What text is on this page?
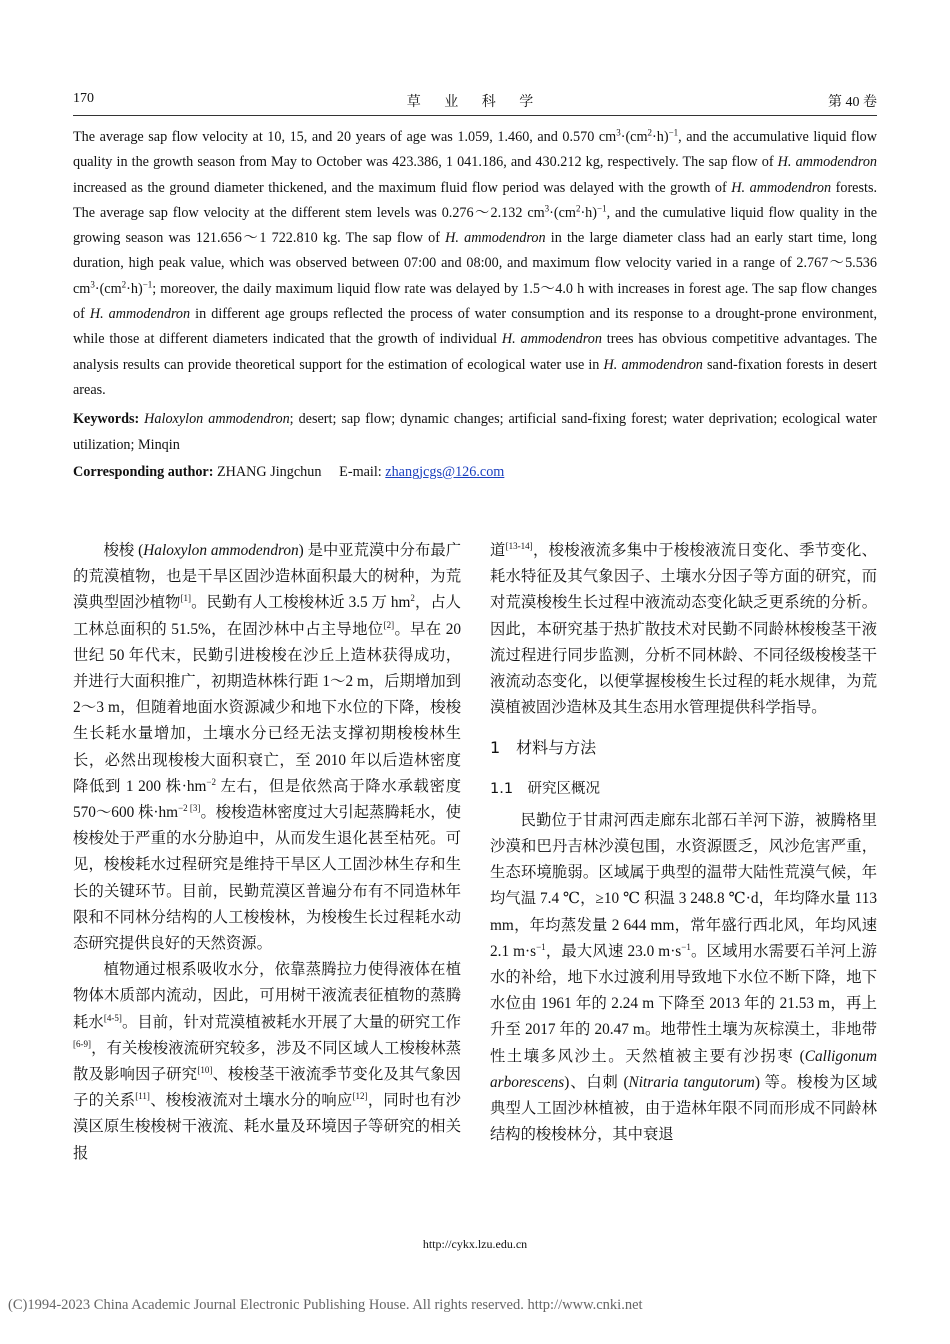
170	草 业 科 学	第 40 卷

The average sap flow velocity at 10, 15, and 20 years of age was 1.059, 1.460, and 0.570 $cm^3\cdot(cm^2\cdot h)^{-1}$, and the accumulative liquid flow quality in the growth season from May to October was 423.386, 1 041.186, and 430.212 kg, respectively. The sap flow of H. ammodendron increased as the ground diameter thickened, and the maximum fluid flow period was delayed with the growth of H. ammodendron forests. The average sap flow velocity at the different stem levels was 0.276～2.132 $cm^3\cdot(cm^2\cdot h)^{-1}$, and the cumulative liquid flow quality in the growing season was 121.656～1 722.810 kg. The sap flow of H. ammodendron in the large diameter class had an early start time, long duration, high peak value, which was observed between 07:00 and 08:00, and maximum flow velocity varied in a range of 2.767～5.536 $cm^3\cdot(cm^2\cdot h)^{-1}$; moreover, the daily maximum liquid flow rate was delayed by 1.5～4.0 h with increases in forest age. The sap flow changes of H. ammodendron in different age groups reflected the process of water consumption and its response to a drought-prone environment, while those at different diameters indicated that the growth of individual H. ammodendron trees has obvious competitive advantages. The analysis results can provide theoretical support for the estimation of ecological water use in H. ammodendron sand-fixation forests in desert areas.

Keywords: Haloxylon ammodendron; desert; sap flow; dynamic changes; artificial sand-fixing forest; water deprivation; ecological water utilization; Minqin

Corresponding author: ZHANG Jingchun E-mail: zhangjcgs@126.com

梭梭 (Haloxylon ammodendron) 是中亚荒漠中分布最广的荒漠植物，也是干旱区固沙造林面积最大的树种，为荒漠典型固沙植物[1]。民勤有人工梭梭林近 3.5 万 $hm^2$，占人工林总面积的 51.5%，在固沙林中占主导地位[2]。早在 20 世纪 50 年代末，民勤引进梭梭在沙丘上造林获得成功，并进行大面积推广，初期造林株行距 1～2 m，后期增加到 2～3 m，但随着地面水资源减少和地下水位的下降，梭梭生长耗水量增加，土壤水分已经无法支撑初期梭梭林生长，必然出现梭梭大面积衰亡，至 2010 年以后造林密度降低到 1 200 株$\cdot hm^{-2}$ 左右，但是依然高于降水承载密度 570～600 株$\cdot hm^{-2}$ [3]。梭梭造林密度过大引起蒸腾耗水，使梭梭处于严重的水分胁迫中，从而发生退化甚至枯死。可见，梭梭耗水过程研究是维持干旱区人工固沙林生存和生长的关键环节。目前，民勤荒漠区普遍分布有不同造林年限和不同林分结构的人工梭梭林，为梭梭生长过程耗水动态研究提供良好的天然资源。

植物通过根系吸收水分，依靠蒸腾拉力使得液体在植物体木质部内流动，因此，可用树干液流表征植物的蒸腾耗水[4-5]。目前，针对荒漠植被耗水开展了大量的研究工作[6-9]，有关梭梭液流研究较多，涉及不同区域人工梭梭林蒸散及影响因子研究[10]、梭梭茎干液流季节变化及其气象因子的关系[11]、梭梭液流对土壤水分的响应[12]，同时也有沙漠区原生梭梭树干液流、耗水量及环境因子等研究的相关报

道[13-14]，梭梭液流多集中于梭梭液流日变化、季节变化、耗水特征及其气象因子、土壤水分因子等方面的研究，而对荒漠梭梭生长过程中液流动态变化缺乏更系统的分析。因此，本研究基于热扩散技术对民勤不同龄林梭梭茎干液流过程进行同步监测，分析不同林龄、不同径级梭梭茎干液流动态变化，以便掌握梭梭生长过程的耗水规律，为荒漠植被固沙造林及其生态用水管理提供科学指导。

1　材料与方法

1.1　研究区概况

民勤位于甘肃河西走廊东北部石羊河下游，被腾格里沙漠和巴丹吉林沙漠包围，水资源匮乏，风沙危害严重，生态环境脆弱。区域属于典型的温带大陆性荒漠气候，年均气温 7.4 ℃，≥10 ℃ 积温 3 248.8 ℃·d，年均降水量 113 mm，年均蒸发量 2 644 mm，常年盛行西北风，年均风速 2.1 $m\cdot s^{-1}$，最大风速 23.0 $m\cdot s^{-1}$。区域用水需要石羊河上游水的补给，地下水过渡利用导致地下水位不断下降，地下水位由 1961 年的 2.24 m 下降至 2013 年的 21.53 m，再上升至 2017 年的 20.47 m。地带性土壤为灰棕漠土，非地带性土壤多风沙土。天然植被主要有沙拐枣 (Calligonum arborescens)、白刺 (Nitraria tangutorum) 等。梭梭为区域典型人工固沙林植被，由于造林年限不同而形成不同龄林结构的梭梭林分，其中衰退

http://cykx.lzu.edu.cn
(C)1994-2023 China Academic Journal Electronic Publishing House. All rights reserved. http://www.cnki.net
